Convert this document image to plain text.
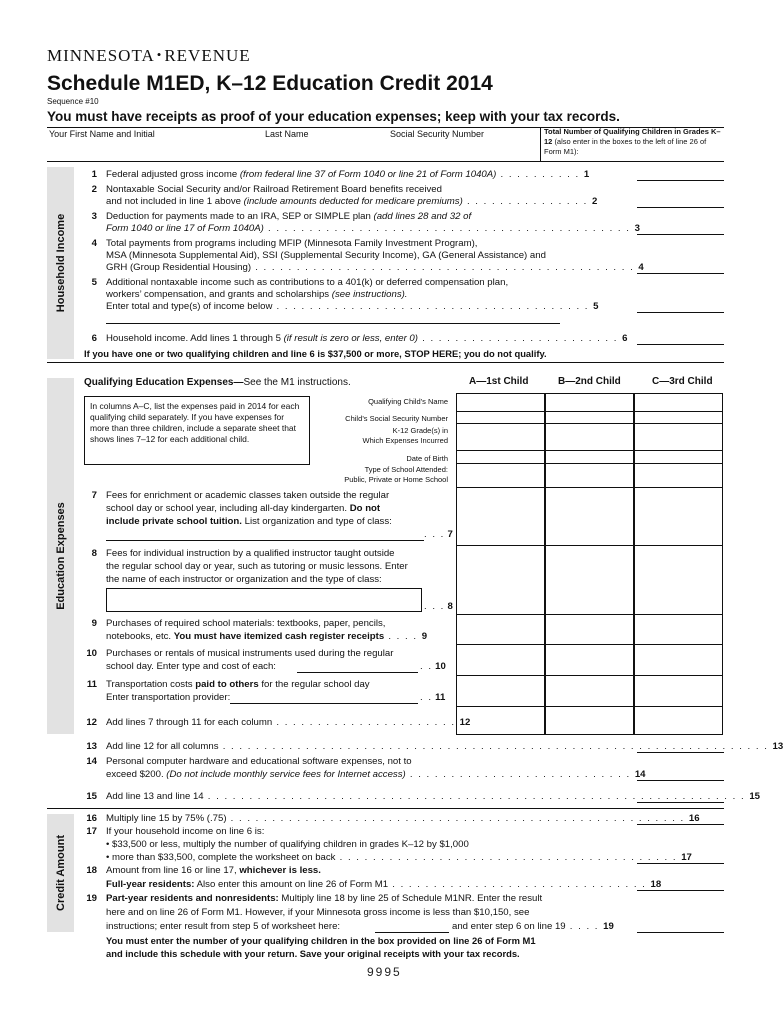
MINNESOTA • REVENUE
Schedule M1ED, K–12 Education Credit 2014
Sequence #10
You must have receipts as proof of your education expenses; keep with your tax records.
Your First Name and Initial	Last Name	Social Security Number	Total Number of Qualifying Children in Grades K–12 (also enter in the boxes to the left of line 26 of Form M1):
Household Income
1 Federal adjusted gross income (from federal line 37 of Form 1040 or line 21 of Form 1040A) . . . . . . . . . . 1
2 Nontaxable Social Security and/or Railroad Retirement Board benefits received
and not included in line 1 above (include amounts deducted for medicare premiums) . . . . . . . . . . . . . . . 2
3 Deduction for payments made to an IRA, SEP or SIMPLE plan (add lines 28 and 32 of
Form 1040 or line 17 of Form 1040A) . . . . . . . . . . . . . . . . . . . . . . . . . . . . . . . . . . . . . . . . . . . . 3
4 Total payments from programs including MFIP (Minnesota Family Investment Program),
MSA (Minnesota Supplemental Aid), SSI (Supplemental Security Income), GA (General Assistance) and
GRH (Group Residential Housing) . . . . . . . . . . . . . . . . . . . . . . . . . . . . . . . . . . . . . . . . . . . . . . 4
5 Additional nontaxable income such as contributions to a 401(k) or deferred compensation plan,
workers’ compensation, and grants and scholarships (see instructions).
Enter total and type(s) of income below . . . . . . . . . . . . . . . . . . . . . . . . . . . . . . . . . . . . . . 5
6 Household income. Add lines 1 through 5 (if result is zero or less, enter 0) . . . . . . . . . . . . . . . . . . . . . . . . 6
If you have one or two qualifying children and line 6 is $37,500 or more, STOP HERE; you do not qualify.
Education Expenses
Qualifying Education Expenses—See the M1 instructions.	A—1st Child	B—2nd Child	C—3rd Child
In columns A–C, list the expenses paid in 2014 for each qualifying child separately. If you have expenses for more than three children, include a separate sheet that shows lines 7–12 for each additional child.
Qualifying Child’s Name
Child’s Social Security Number
K-12 Grade(s) in
Which Expenses Incurred
Date of Birth
Type of School Attended:
Public, Private or Home School
7 Fees for enrichment or academic classes taken outside the regular
school day or school year, including all-day kindergarten. Do not
include private school tuition. List organization and type of class:
. . . 7
8 Fees for individual instruction by a qualified instructor taught outside
the regular school day or year, such as tutoring or music lessons. Enter
the name of each instructor or organization and the type of class:
. . . 8
9 Purchases of required school materials: textbooks, paper, pencils,
notebooks, etc. You must have itemized cash register receipts . . . . 9
10 Purchases or rentals of musical instruments used during the regular
school day. Enter type and cost of each:	. . 10
11 Transportation costs paid to others for the regular school day
Enter transportation provider:	. . 11
12 Add lines 7 through 11 for each column . . . . . . . . . . . . . . . . . . . . . . 12
13 Add line 12 for all columns . . . . . . . . . . . . . . . . . . . . . . . . . . . . . . . . . . . . . . . . . . . . . . . . . . . . . . . . . . . . . . . . . . 13
14 Personal computer hardware and educational software expenses, not to
exceed $200. (Do not include monthly service fees for Internet access) . . . . . . . . . . . . . . . . . . . . . . . . . . . 14
15 Add line 13 and line 14 . . . . . . . . . . . . . . . . . . . . . . . . . . . . . . . . . . . . . . . . . . . . . . . . . . . . . . . . . . . . . . . . . 15
Credit Amount
16 Multiply line 15 by 75% (.75) . . . . . . . . . . . . . . . . . . . . . . . . . . . . . . . . . . . . . . . . . . . . . . . . . . . . . . . 16
17 If your household income on line 6 is:
• $33,500 or less, multiply the number of qualifying children in grades K–12 by $1,000
• more than $33,500, complete the worksheet on back . . . . . . . . . . . . . . . . . . . . . . . . . . . . . . . . . . . . . . . . . 17
18 Amount from line 16 or line 17, whichever is less.
Full-year residents: Also enter this amount on line 26 of Form M1 . . . . . . . . . . . . . . . . . . . . . . . . . . . . . . . 18
19 Part-year residents and nonresidents: Multiply line 18 by line 25 of Schedule M1NR. Enter the result
here and on line 26 of Form M1. However, if your Minnesota gross income is less than $10,150, see
instructions; enter result from step 5 of worksheet here:	and enter step 6 on line 19 . . . . 19
You must enter the number of your qualifying children in the box provided on line 26 of Form M1
and include this schedule with your return. Save your original receipts with your tax records.
9995
